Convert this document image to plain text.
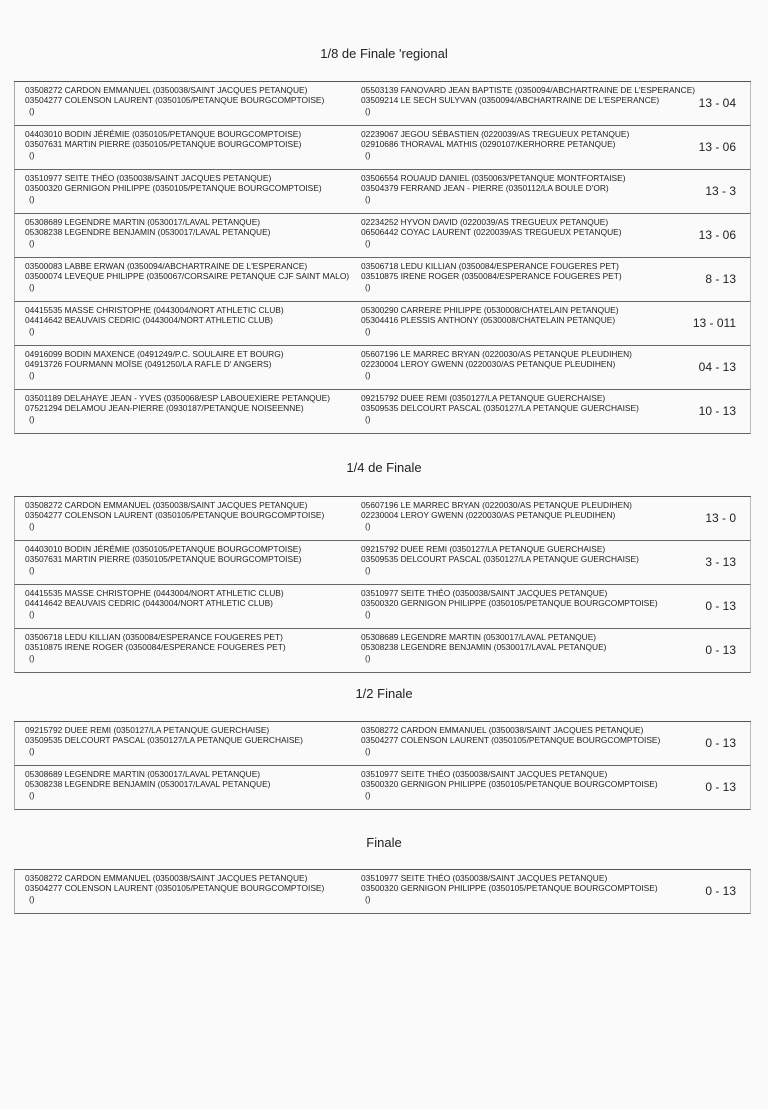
1/8 de Finale 'regional
1/4 de Finale
1/2 Finale
Finale
03508272 CARDON EMMANUEL (0350038/SAINT JACQUES PETANQUE)
03504277 COLENSON LAURENT (0350105/PETANQUE BOURGCOMPTOISE)
()
05503139 FANOVARD JEAN BAPTISTE (0350094/ABCHARTRAINE DE L'ESPERANCE)
03509214 LE SECH SULYVAN (0350094/ABCHARTRAINE DE L'ESPERANCE)
()
13 - 04
04403010 BODIN JÉRÉMIE (0350105/PETANQUE BOURGCOMPTOISE)
03507631 MARTIN PIERRE (0350105/PETANQUE BOURGCOMPTOISE)
()
02239067 JEGOU SÉBASTIEN (0220039/AS TREGUEUX PETANQUE)
02910686 THORAVAL MATHIS (0290107/KERHORRE PETANQUE)
()
13 - 06
03510977 SEITE THÉO (0350038/SAINT JACQUES PETANQUE)
03500320 GERNIGON PHILIPPE (0350105/PETANQUE BOURGCOMPTOISE)
()
03506554 ROUAUD DANIEL (0350063/PETANQUE MONTFORTAISE)
03504379 FERRAND JEAN - PIERRE (0350112/LA BOULE D'OR)
()
13 - 3
05308689 LEGENDRE MARTIN (0530017/LAVAL PETANQUE)
05308238 LEGENDRE BENJAMIN (0530017/LAVAL PETANQUE)
()
02234252 HYVON DAVID (0220039/AS TREGUEUX PETANQUE)
06506442 COYAC LAURENT (0220039/AS TREGUEUX PETANQUE)
()
13 - 06
03500083 LABBE ERWAN (0350094/ABCHARTRAINE DE L'ESPERANCE)
03500074 LEVEQUE PHILIPPE (0350067/CORSAIRE PETANQUE CJF SAINT MALO)
()
03506718 LEDU KILLIAN (0350084/ESPERANCE FOUGERES PET)
03510875 IRENE ROGER (0350084/ESPERANCE FOUGERES PET)
()
8 - 13
04415535 MASSE CHRISTOPHE (0443004/NORT ATHLETIC CLUB)
04414642 BEAUVAIS CEDRIC (0443004/NORT ATHLETIC CLUB)
()
05300290 CARRERE PHILIPPE (0530008/CHATELAIN PETANQUE)
05304416 PLESSIS ANTHONY (0530008/CHATELAIN PETANQUE)
()
13 - 011
04916099 BODIN MAXENCE (0491249/P.C. SOULAIRE ET BOURG)
04913726 FOURMANN MOÏSE (0491250/LA RAFLE D' ANGERS)
()
05607196 LE MARREC BRYAN (0220030/AS PETANQUE PLEUDIHEN)
02230004 LEROY GWENN (0220030/AS PETANQUE PLEUDIHEN)
()
04 - 13
03501189 DELAHAYE JEAN - YVES (0350068/ESP LABOUEXIERE PETANQUE)
07521294 DELAMOU JEAN-PIERRE (0930187/PETANQUE NOISEENNE)
()
09215792 DUEE REMI (0350127/LA PETANQUE GUERCHAISE)
03509535 DELCOURT PASCAL (0350127/LA PETANQUE GUERCHAISE)
()
10 - 13
03508272 CARDON EMMANUEL (0350038/SAINT JACQUES PETANQUE)
03504277 COLENSON LAURENT (0350105/PETANQUE BOURGCOMPTOISE)
()
05607196 LE MARREC BRYAN (0220030/AS PETANQUE PLEUDIHEN)
02230004 LEROY GWENN (0220030/AS PETANQUE PLEUDIHEN)
()
13 - 0
04403010 BODIN JÉRÉMIE (0350105/PETANQUE BOURGCOMPTOISE)
03507631 MARTIN PIERRE (0350105/PETANQUE BOURGCOMPTOISE)
()
09215792 DUEE REMI (0350127/LA PETANQUE GUERCHAISE)
03509535 DELCOURT PASCAL (0350127/LA PETANQUE GUERCHAISE)
()
3 - 13
04415535 MASSE CHRISTOPHE (0443004/NORT ATHLETIC CLUB)
04414642 BEAUVAIS CEDRIC (0443004/NORT ATHLETIC CLUB)
()
03510977 SEITE THÉO (0350038/SAINT JACQUES PETANQUE)
03500320 GERNIGON PHILIPPE (0350105/PETANQUE BOURGCOMPTOISE)
()
0 - 13
03506718 LEDU KILLIAN (0350084/ESPERANCE FOUGERES PET)
03510875 IRENE ROGER (0350084/ESPERANCE FOUGERES PET)
()
05308689 LEGENDRE MARTIN (0530017/LAVAL PETANQUE)
05308238 LEGENDRE BENJAMIN (0530017/LAVAL PETANQUE)
()
0 - 13
09215792 DUEE REMI (0350127/LA PETANQUE GUERCHAISE)
03509535 DELCOURT PASCAL (0350127/LA PETANQUE GUERCHAISE)
()
03508272 CARDON EMMANUEL (0350038/SAINT JACQUES PETANQUE)
03504277 COLENSON LAURENT (0350105/PETANQUE BOURGCOMPTOISE)
()
0 - 13
05308689 LEGENDRE MARTIN (0530017/LAVAL PETANQUE)
05308238 LEGENDRE BENJAMIN (0530017/LAVAL PETANQUE)
()
03510977 SEITE THÉO (0350038/SAINT JACQUES PETANQUE)
03500320 GERNIGON PHILIPPE (0350105/PETANQUE BOURGCOMPTOISE)
()
0 - 13
03508272 CARDON EMMANUEL (0350038/SAINT JACQUES PETANQUE)
03504277 COLENSON LAURENT (0350105/PETANQUE BOURGCOMPTOISE)
()
03510977 SEITE THÉO (0350038/SAINT JACQUES PETANQUE)
03500320 GERNIGON PHILIPPE (0350105/PETANQUE BOURGCOMPTOISE)
()
0 - 13
